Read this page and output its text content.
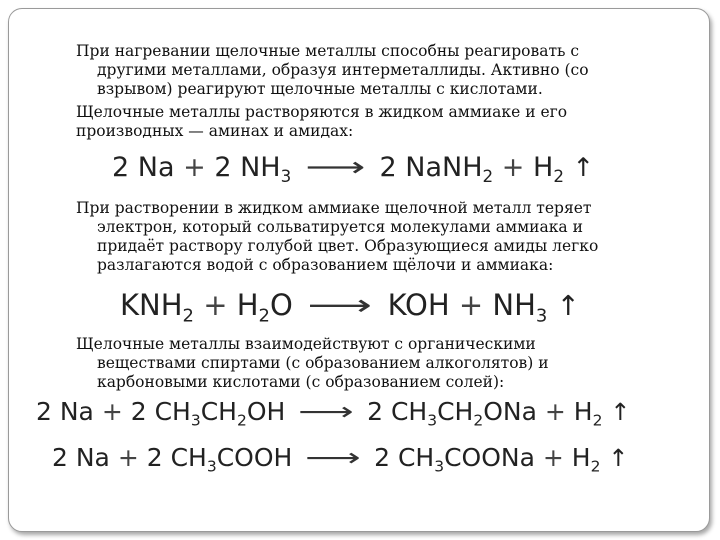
При нагревании щелочные металлы способны реагировать с
другими металлами, образуя интерметаллиды. Активно (со
взрывом) реагируют щелочные металлы с кислотами.

Щелочные металлы растворяются в жидком аммиаке и его
производных — аминах и амидах:

2 Na + 2 $NH_3$ ⟶ 2 NaNH$_2$ + $H_2$ ↑

При растворении в жидком аммиаке щелочной металл теряет
электрон, который сольватируется молекулами аммиака и
придаёт раствору голубой цвет. Образующиеся амиды легко
разлагаются водой с образованием щёлочи и аммиака:

$KNH_2 + H_2O$ ⟶ KOH + $NH_3$ ↑

Щелочные металлы взаимодействуют с органическими
веществами спиртами (с образованием алкоголятов) и
карбоновыми кислотами (с образованием солей):

2 Na + 2 $CH_3CH_2OH$ ⟶ 2 $CH_3CH_2ONa + H_2$ ↑
2 Na + 2 $CH_3COOH$ ⟶ 2 $CH_3COONa + H_2$ ↑
